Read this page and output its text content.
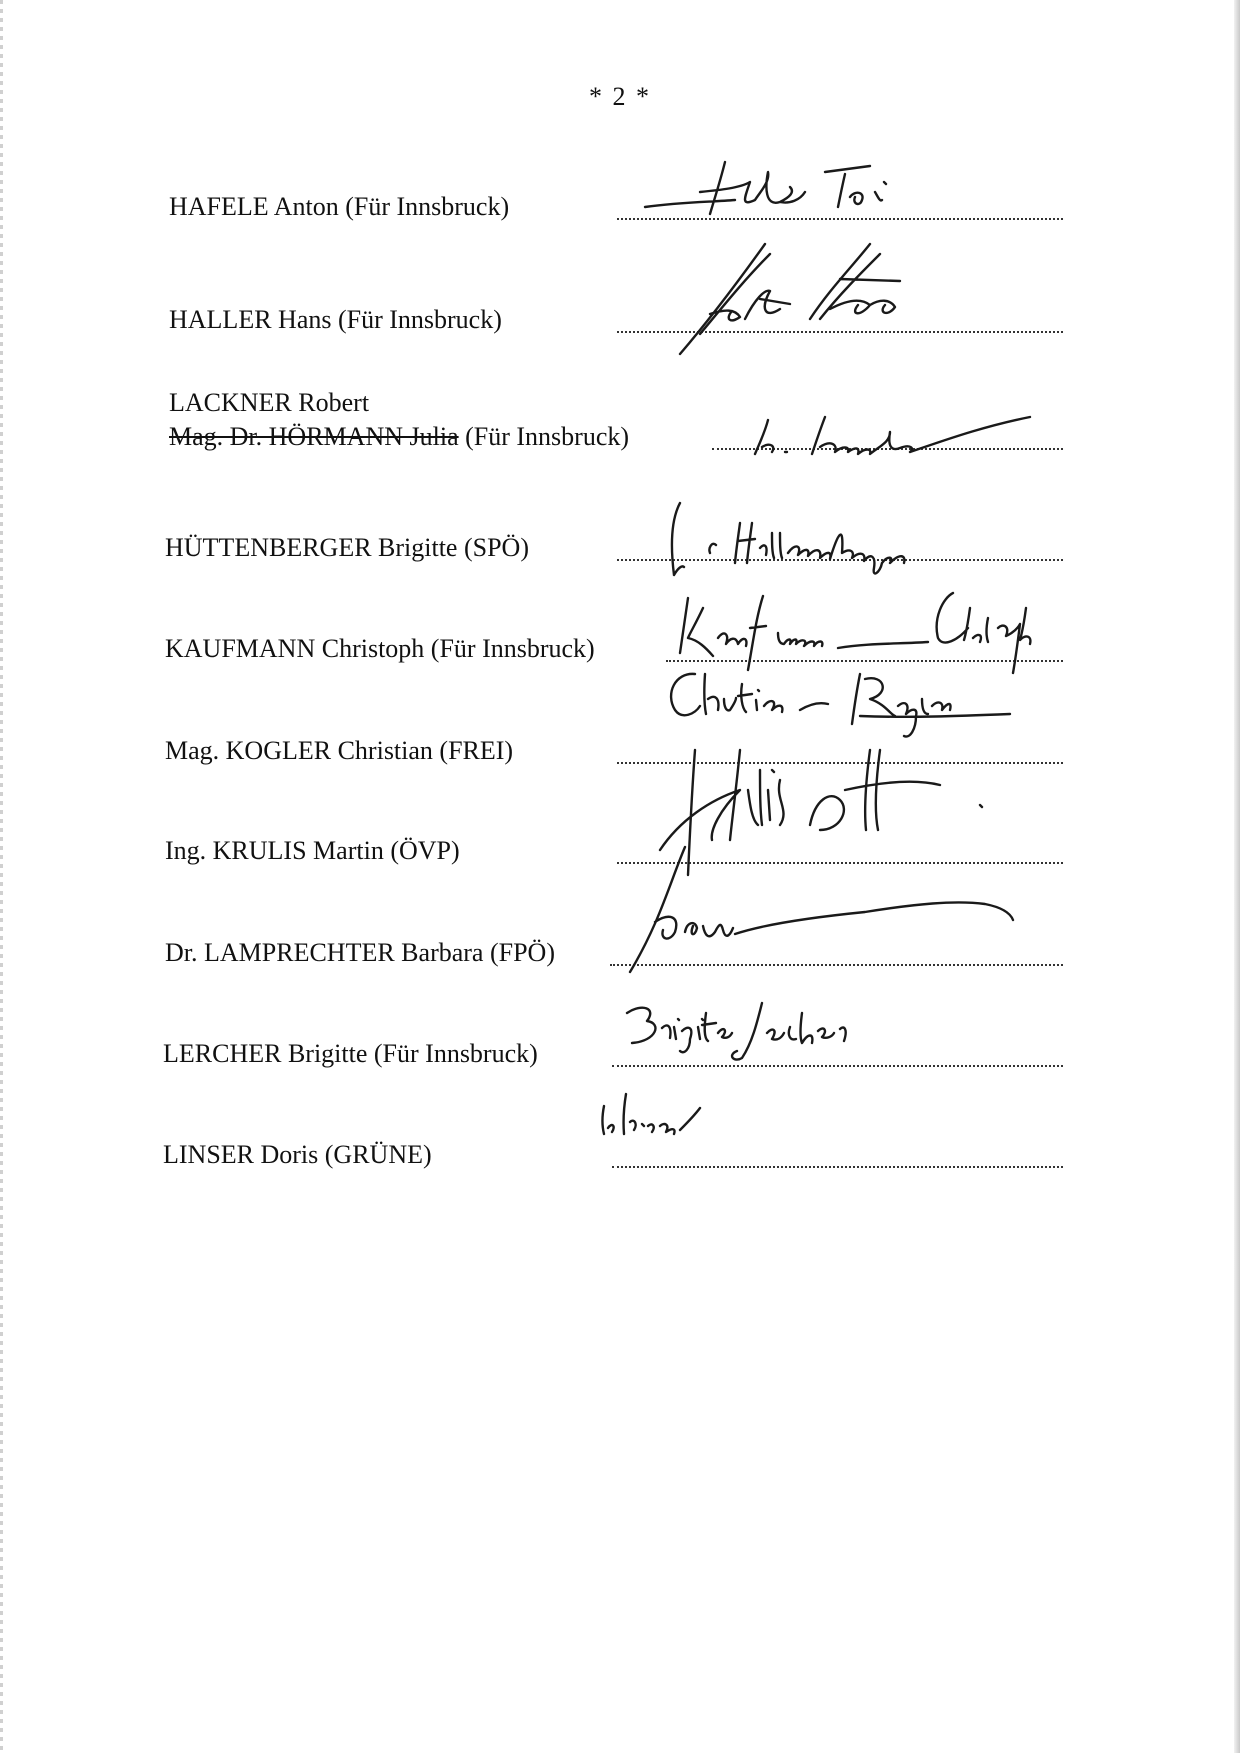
* 2 *
HAFELE Anton (Für Innsbruck)
HALLER Hans (Für Innsbruck)
LACKNER Robert
Mag. Dr. HÖRMANN Julia (Für Innsbruck)
HÜTTENBERGER Brigitte (SPÖ)
KAUFMANN Christoph (Für Innsbruck)
Mag. KOGLER Christian (FREI)
Ing. KRULIS Martin (ÖVP)
Dr. LAMPRECHTER Barbara (FPÖ)
LERCHER Brigitte (Für Innsbruck)
LINSER Doris (GRÜNE)
